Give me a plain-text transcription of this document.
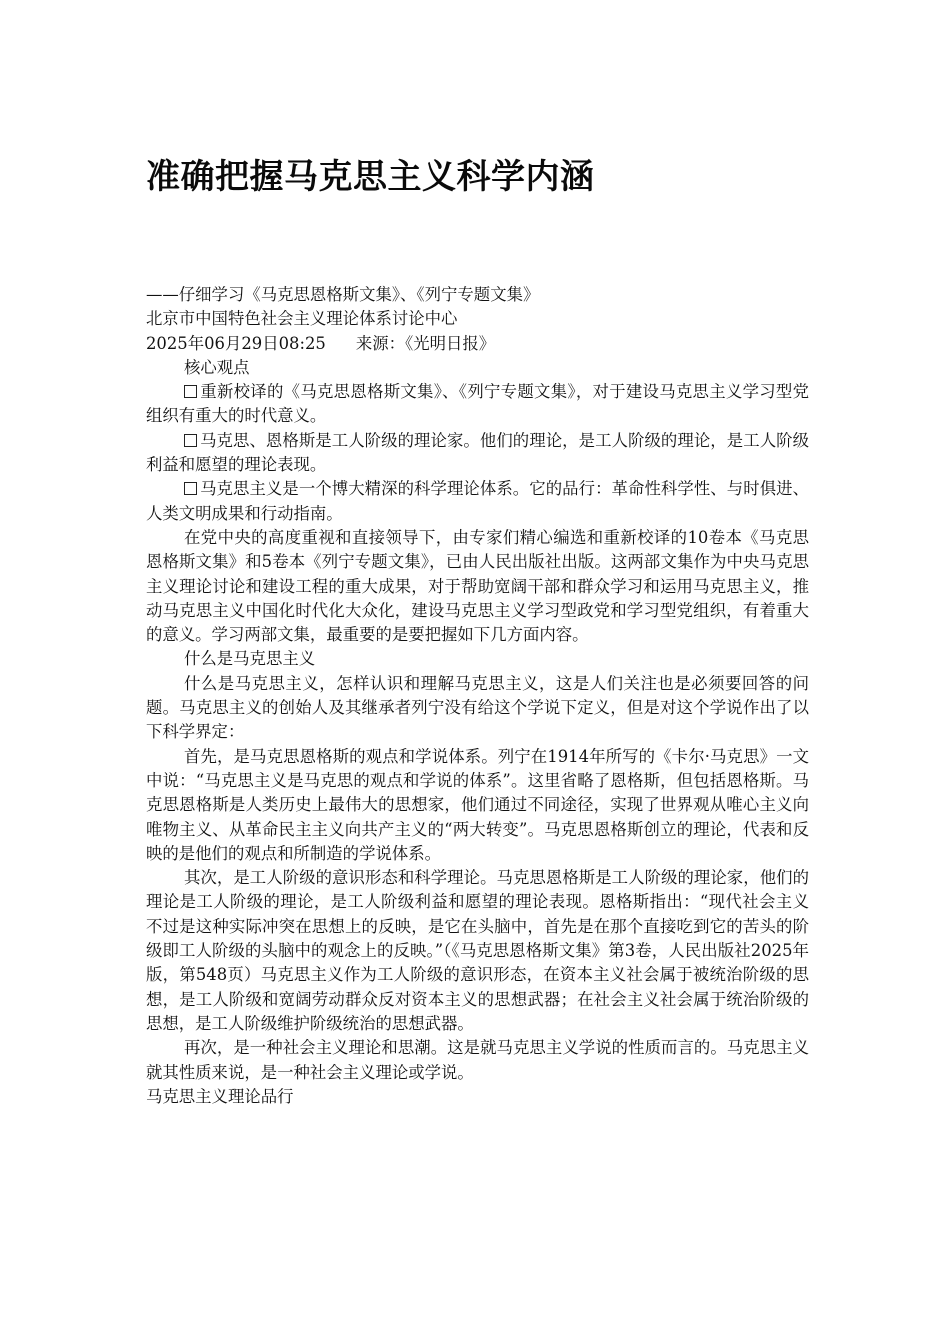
准确把握马克思主义科学内涵

——仔细学习《马克思恩格斯文集》、《列宁专题文集》

北京市中国特色社会主义理论体系讨论中心

2025年06月29日08:25 来源：《光明日报》

核心观点

重新校译的《马克思恩格斯文集》、《列宁专题文集》，对于建设马克思主义学习型党组织有重大的时代意义。

马克思、恩格斯是工人阶级的理论家。他们的理论，是工人阶级的理论，是工人阶级利益和愿望的理论表现。

马克思主义是一个博大精深的科学理论体系。它的品行：革命性科学性、与时俱进、人类文明成果和行动指南。

在党中央的高度重视和直接领导下，由专家们精心编选和重新校译的10卷本《马克思恩格斯文集》和5卷本《列宁专题文集》，已由人民出版社出版。这两部文集作为中央马克思主义理论讨论和建设工程的重大成果，对于帮助宽阔干部和群众学习和运用马克思主义，推动马克思主义中国化时代化大众化，建设马克思主义学习型政党和学习型党组织，有着重大的意义。学习两部文集，最重要的是要把握如下几方面内容。

什么是马克思主义

什么是马克思主义，怎样认识和理解马克思主义，这是人们关注也是必须要回答的问题。马克思主义的创始人及其继承者列宁没有给这个学说下定义，但是对这个学说作出了以下科学界定：

首先，是马克思恩格斯的观点和学说体系。列宁在1914年所写的《卡尔·马克思》一文中说：“马克思主义是马克思的观点和学说的体系”。这里省略了恩格斯，但包括恩格斯。马克思恩格斯是人类历史上最伟大的思想家，他们通过不同途径，实现了世界观从唯心主义向唯物主义、从革命民主主义向共产主义的“两大转变”。马克思恩格斯创立的理论，代表和反映的是他们的观点和所制造的学说体系。

其次，是工人阶级的意识形态和科学理论。马克思恩格斯是工人阶级的理论家，他们的理论是工人阶级的理论，是工人阶级利益和愿望的理论表现。恩格斯指出：“现代社会主义不过是这种实际冲突在思想上的反映，是它在头脑中，首先是在那个直接吃到它的苦头的阶级即工人阶级的头脑中的观念上的反映。”（《马克思恩格斯文集》第3卷，人民出版社2025年版，第548页）马克思主义作为工人阶级的意识形态，在资本主义社会属于被统治阶级的思想，是工人阶级和宽阔劳动群众反对资本主义的思想武器；在社会主义社会属于统治阶级的思想，是工人阶级维护阶级统治的思想武器。

再次，是一种社会主义理论和思潮。这是就马克思主义学说的性质而言的。马克思主义就其性质来说，是一种社会主义理论或学说。

马克思主义理论品行
